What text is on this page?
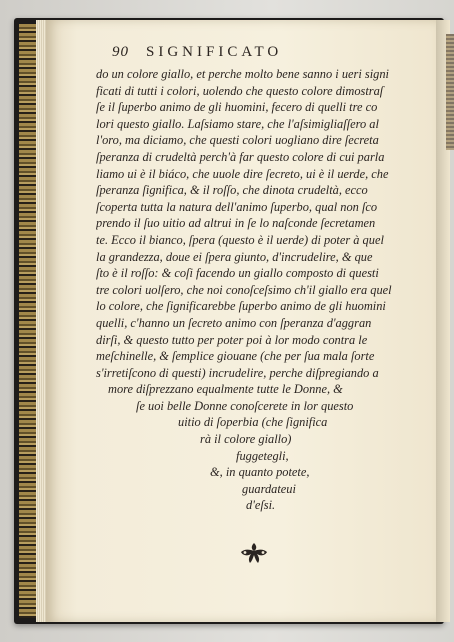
90 SIGNIFICATO
do un colore giallo, et perche molto bene sanno i ueri signi
ficati di tutti i colori, uolendo che questo colore dimostraſ
ſe il ſuperbo animo de gli huomini, fecero di quelli tre co
lori questo giallo. Laſsiamo stare, che l'aſsimigliaſſero al
l'oro, ma diciamo, che questi colori uogliano dire ſecreta
ſperanza di crudeltà perch'à far questo colore di cui parla
liamo ui è il biáco, che uuole dire ſecreto, ui è il uerde, che
ſperanza ſignifica, & il roſſo, che dinota crudeltà, ecco
ſcoperta tutta la natura dell'animo ſuperbo, qual non ſco
prendo il ſuo uitio ad altrui in ſe lo naſconde ſecretamen
te. Ecco il bianco, ſpera (questo è il uerde) di poter à quel
la grandezza, doue ei ſpera giunto, d'incrudelire, & que
ſto è il roſſo: & coſi facendo un giallo composto di questi
tre colori uolſero, che noi conoſceſsimo ch'il giallo era quel
lo colore, che ſignificarebbe ſuperbo animo de gli huomini
quelli, c'hanno un ſecreto animo con ſperanza d'aggran
dirſi, & questo tutto per poter poi à lor modo contra le
meſchinelle, & ſemplice giouane (che per ſua mala ſorte
s'irretiſcono di questi) incrudelire, perche diſpregiando a
more diſprezzano equalmente tutte le Donne, &
ſe uoi belle Donne conoſcerete in lor questo
uitio di ſoperbia (che ſignifica
rà il colore giallo)
fuggetegli,
&, in quanto potete,
guardateui
d'eſsi.
